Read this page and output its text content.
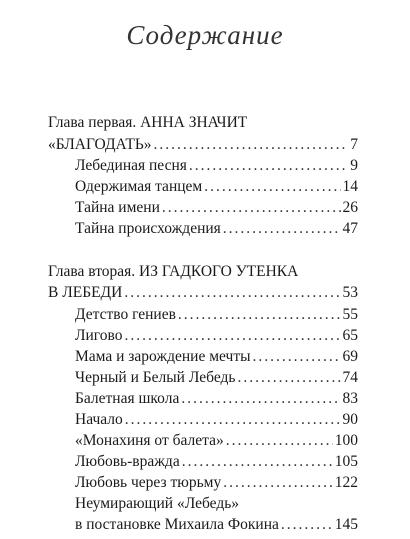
Содержание
Глава первая. АННА ЗНАЧИТ
«БЛАГОДАТЬ» .....	7
Лебединая песня .....	9
Одержимая танцем .....	14
Тайна имени .....	26
Тайна происхождения .....	47
Глава вторая. ИЗ ГАДКОГО УТЕНКА
В ЛЕБЕДИ .....	53
Детство гениев .....	55
Лигово .....	65
Мама и зарождение мечты .....	69
Черный и Белый Лебедь .....	74
Балетная школа .....	83
Начало .....	90
«Монахиня от балета» .....	100
Любовь-вражда .....	105
Любовь через тюрьму .....	122
Неумирающий «Лебедь»
в постановке Михаила Фокина .....	145
